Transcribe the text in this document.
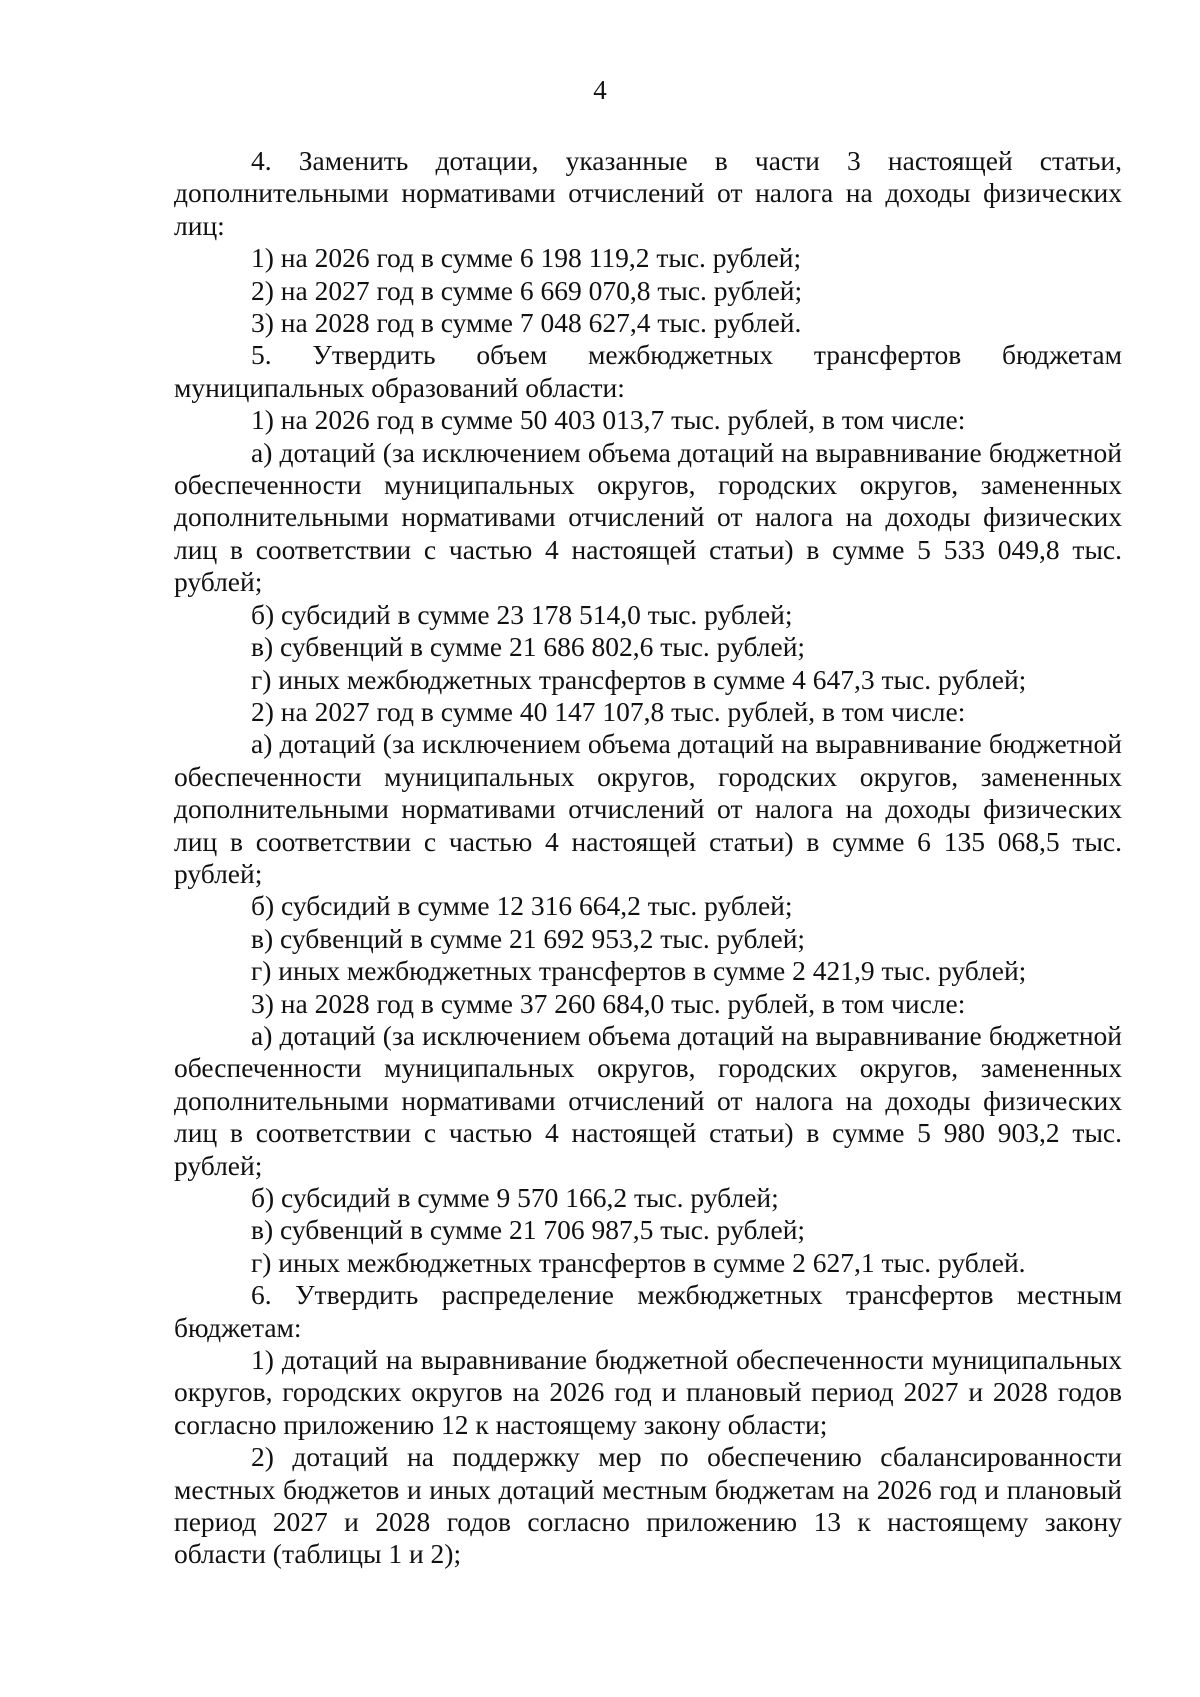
4

4. Заменить дотации, указанные в части 3 настоящей статьи, дополнительными нормативами отчислений от налога на доходы физических лиц:

1) на 2026 год в сумме 6 198 119,2 тыс. рублей;

2) на 2027 год в сумме 6 669 070,8 тыс. рублей;

3) на 2028 год в сумме 7 048 627,4 тыс. рублей.

5. Утвердить объем межбюджетных трансфертов бюджетам муниципальных образований области:

1) на 2026 год в сумме 50 403 013,7 тыс. рублей, в том числе:

а) дотаций (за исключением объема дотаций на выравнивание бюджетной обеспеченности муниципальных округов, городских округов, замененных дополнительными нормативами отчислений от налога на доходы физических лиц в соответствии с частью 4 настоящей статьи) в сумме 5 533 049,8 тыс. рублей;

б) субсидий в сумме 23 178 514,0 тыс. рублей;

в) субвенций в сумме 21 686 802,6 тыс. рублей;

г) иных межбюджетных трансфертов в сумме 4 647,3 тыс. рублей;

2) на 2027 год в сумме 40 147 107,8 тыс. рублей, в том числе:

а) дотаций (за исключением объема дотаций на выравнивание бюджетной обеспеченности муниципальных округов, городских округов, замененных дополнительными нормативами отчислений от налога на доходы физических лиц в соответствии с частью 4 настоящей статьи) в сумме 6 135 068,5 тыс. рублей;

б) субсидий в сумме 12 316 664,2 тыс. рублей;

в) субвенций в сумме 21 692 953,2 тыс. рублей;

г) иных межбюджетных трансфертов в сумме 2 421,9 тыс. рублей;

3) на 2028 год в сумме 37 260 684,0 тыс. рублей, в том числе:

а) дотаций (за исключением объема дотаций на выравнивание бюджетной обеспеченности муниципальных округов, городских округов, замененных дополнительными нормативами отчислений от налога на доходы физических лиц в соответствии с частью 4 настоящей статьи) в сумме 5 980 903,2 тыс. рублей;

б) субсидий в сумме 9 570 166,2 тыс. рублей;

в) субвенций в сумме 21 706 987,5 тыс. рублей;

г) иных межбюджетных трансфертов в сумме 2 627,1 тыс. рублей.

6. Утвердить распределение межбюджетных трансфертов местным бюджетам:

1) дотаций на выравнивание бюджетной обеспеченности муниципальных округов, городских округов на 2026 год и плановый период 2027 и 2028 годов согласно приложению 12 к настоящему закону области;

2) дотаций на поддержку мер по обеспечению сбалансированности местных бюджетов и иных дотаций местным бюджетам на 2026 год и плановый период 2027 и 2028 годов согласно приложению 13 к настоящему закону области (таблицы 1 и 2);
